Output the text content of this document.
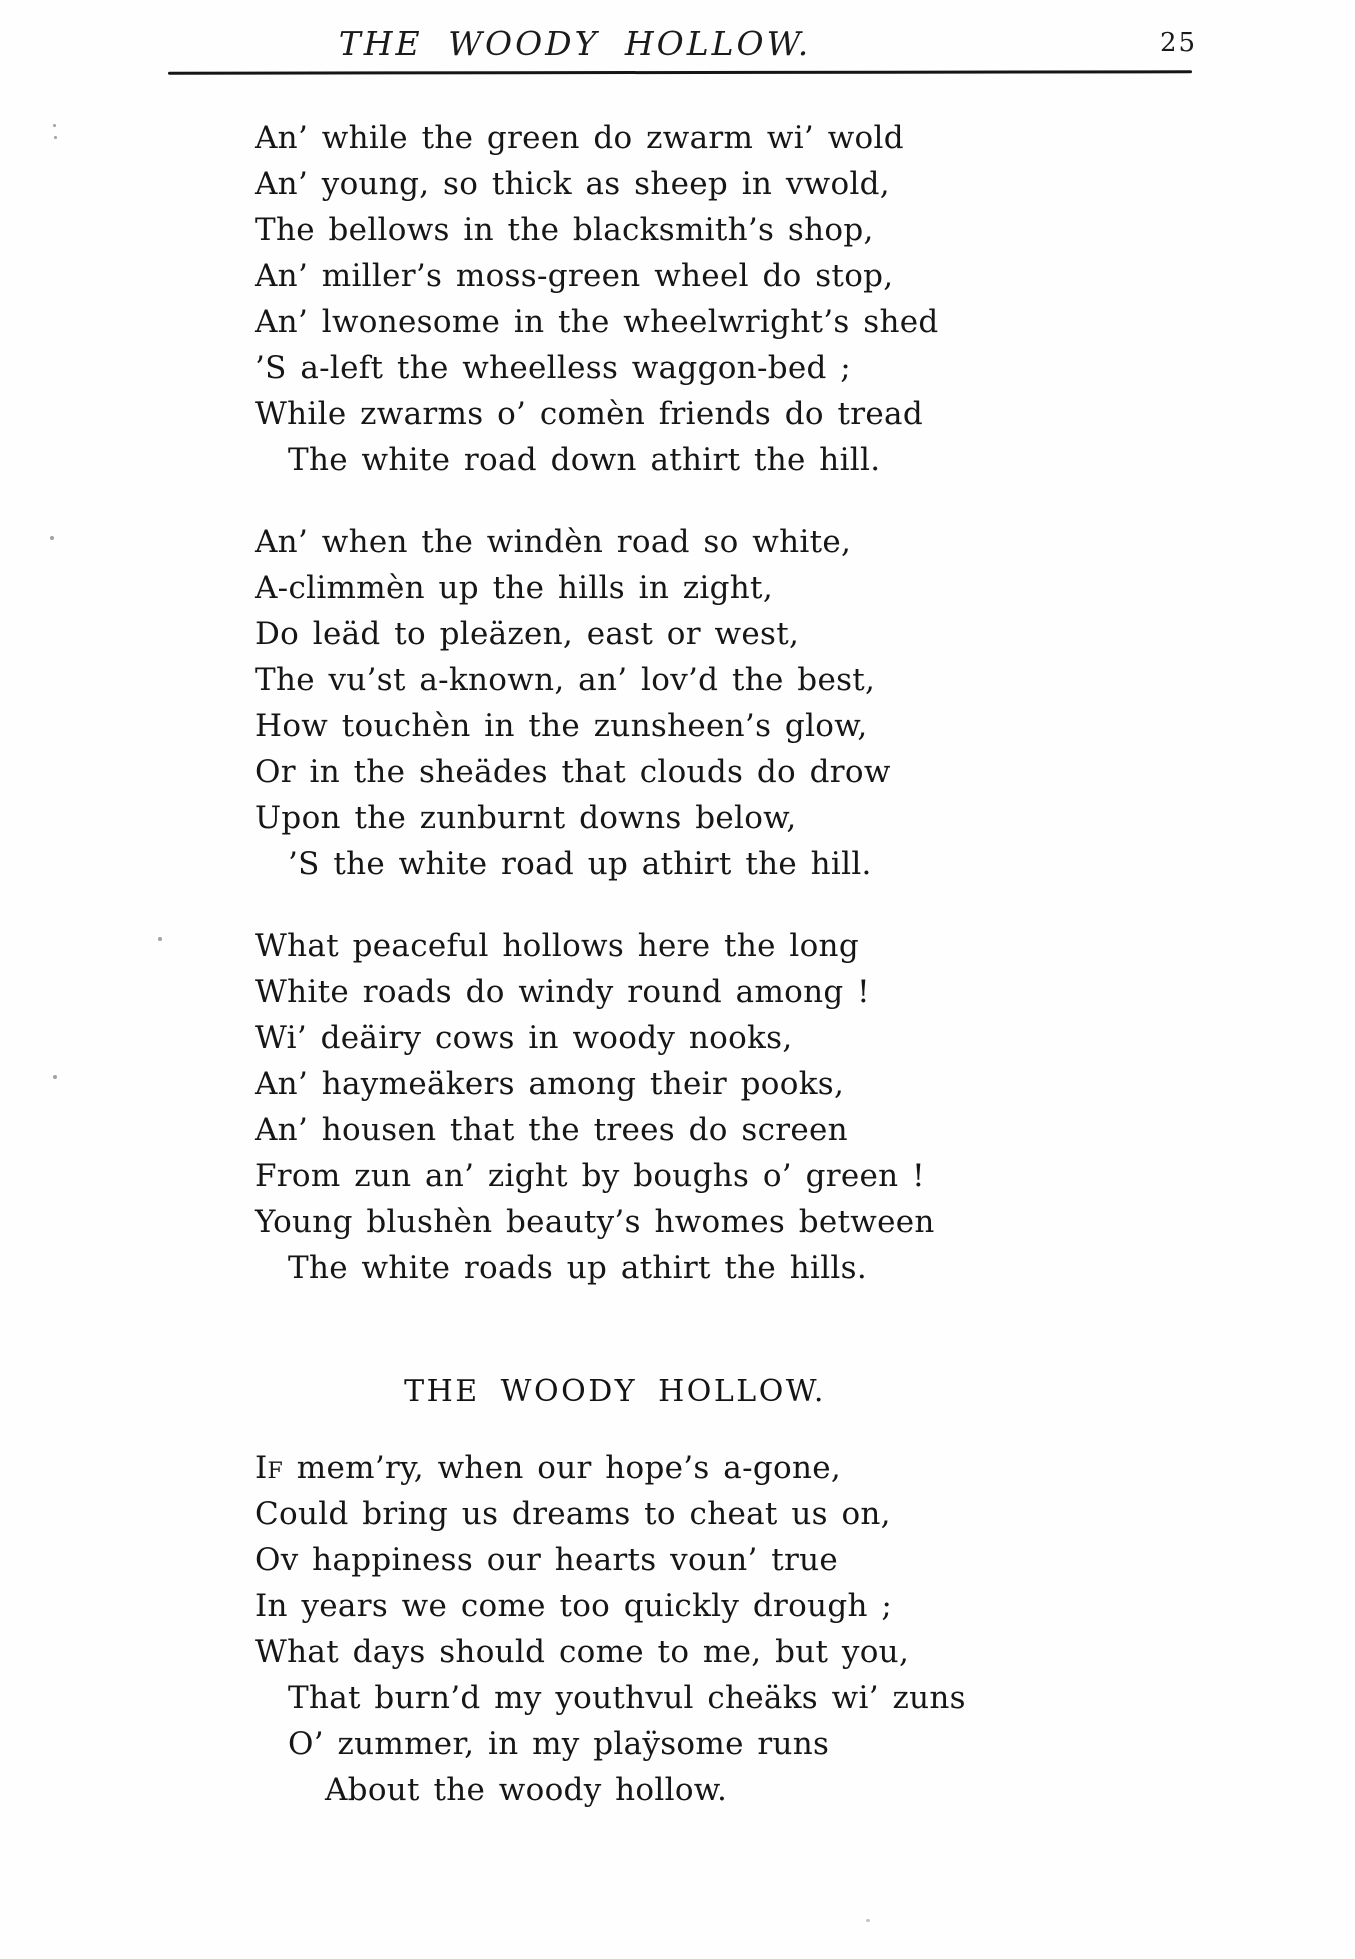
THE WOODY HOLLOW.	25
An’ while the green do zwarm wi’ wold
An’ young, so thick as sheep in vwold,
The bellows in the blacksmith’s shop,
An’ miller’s moss-green wheel do stop,
An’ lwonesome in the wheelwright’s shed
’S a-left the wheelless waggon-bed ;
While zwarms o’ comèn friends do tread
The white road down athirt the hill.
An’ when the windèn road so white,
A-climmèn up the hills in zight,
Do leäd to pleäzen, east or west,
The vu’st a-known, an’ lov’d the best,
How touchèn in the zunsheen’s glow,
Or in the sheädes that clouds do drow
Upon the zunburnt downs below,
’S the white road up athirt the hill.
What peaceful hollows here the long
White roads do windy round among !
Wi’ deäiry cows in woody nooks,
An’ haymeäkers among their pooks,
An’ housen that the trees do screen
From zun an’ zight by boughs o’ green !
Young blushèn beauty’s hwomes between
The white roads up athirt the hills.
THE WOODY HOLLOW.
If mem’ry, when our hope’s a-gone,
Could bring us dreams to cheat us on,
Ov happiness our hearts voun’ true
In years we come too quickly drough ;
What days should come to me, but you,
That burn’d my youthvul cheäks wi’ zuns
O’ zummer, in my plaÿsome runs
About the woody hollow.
